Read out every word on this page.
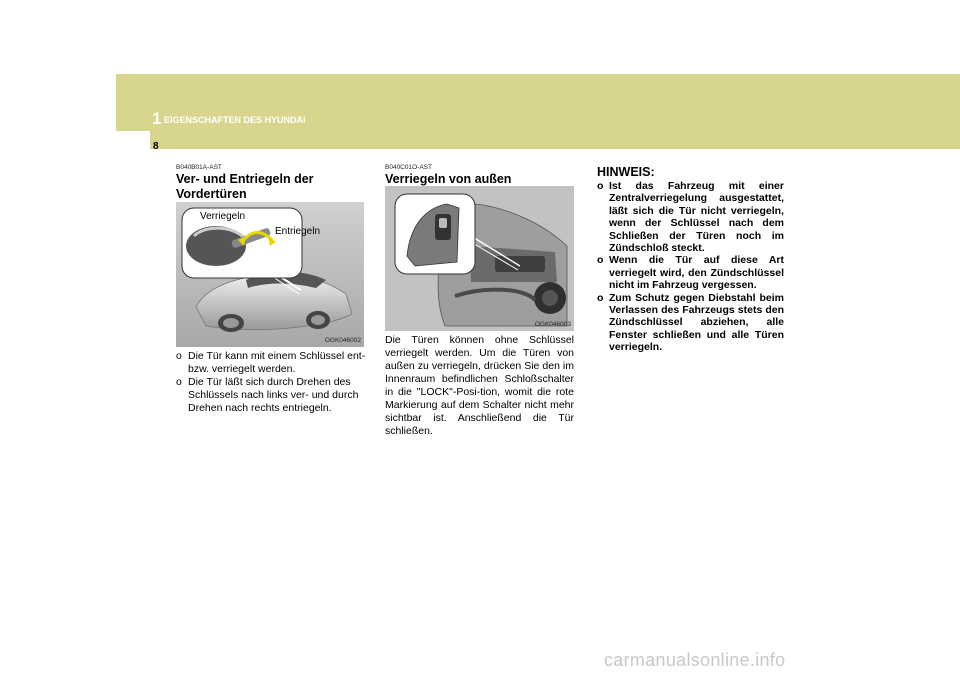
1 EIGENSCHAFTEN DES HYUNDAI
8
B040B01A-AST
Ver- und Entriegeln der
Vordertüren
Verriegeln
Entriegeln
OGK046002
o Die Tür kann mit einem Schlüssel ent- bzw. verriegelt werden.
o Die Tür läßt sich durch Drehen des Schlüssels nach links ver- und durch Drehen nach rechts entriegeln.
B040C01O-AST
Verriegeln von außen
OGK046003
Die Türen können ohne Schlüssel verriegelt werden. Um die Türen von außen zu verriegeln, drücken Sie den im Innenraum befindlichen Schloßschalter in die "LOCK"-Posi-tion, womit die rote Markierung auf dem Schalter nicht mehr sichtbar ist. Anschließend die Tür schließen.
HINWEIS:
o Ist das Fahrzeug mit einer Zentralverriegelung ausgestattet, läßt sich die Tür nicht verriegeln, wenn der Schlüssel nach dem Schließen der Türen noch im Zündschloß steckt.
o Wenn die Tür auf diese Art verriegelt wird, den Zündschlüssel nicht im Fahrzeug vergessen.
o Zum Schutz gegen Diebstahl beim Verlassen des Fahrzeugs stets den Zündschlüssel abziehen, alle Fenster schließen und alle Türen verriegeln.
carmanualsonline.info
